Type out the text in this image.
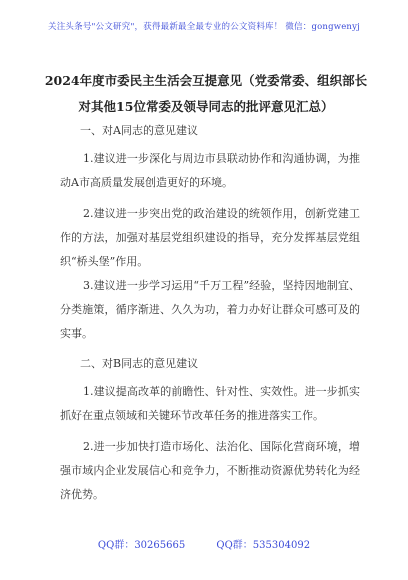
关注头条号"公文研究"，获得最新最全最专业的公文资料库！ 微信：gongwenyj
2024年度市委民主生活会互提意见（党委常委、组织部长
对其他15位常委及领导同志的批评意见汇总）
一、对A同志的意见建议
1.建议进一步深化与周边市县联动协作和沟通协调，为推动A市高质量发展创造更好的环境。
2.建议进一步突出党的政治建设的统领作用，创新党建工作的方法，加强对基层党组织建设的指导，充分发挥基层党组织“桥头堡”作用。
3.建议进一步学习运用“千万工程”经验，坚持因地制宜、分类施策，循序渐进、久久为功，着力办好让群众可感可及的实事。
二、对B同志的意见建议
1.建议提高改革的前瞻性、针对性、实效性。进一步抓实抓好在重点领域和关键环节改革任务的推进落实工作。
2.进一步加快打造市场化、法治化、国际化营商环境，增强市域内企业发展信心和竞争力，不断推动资源优势转化为经济优势。
QQ群：30265665	QQ群：535304092
